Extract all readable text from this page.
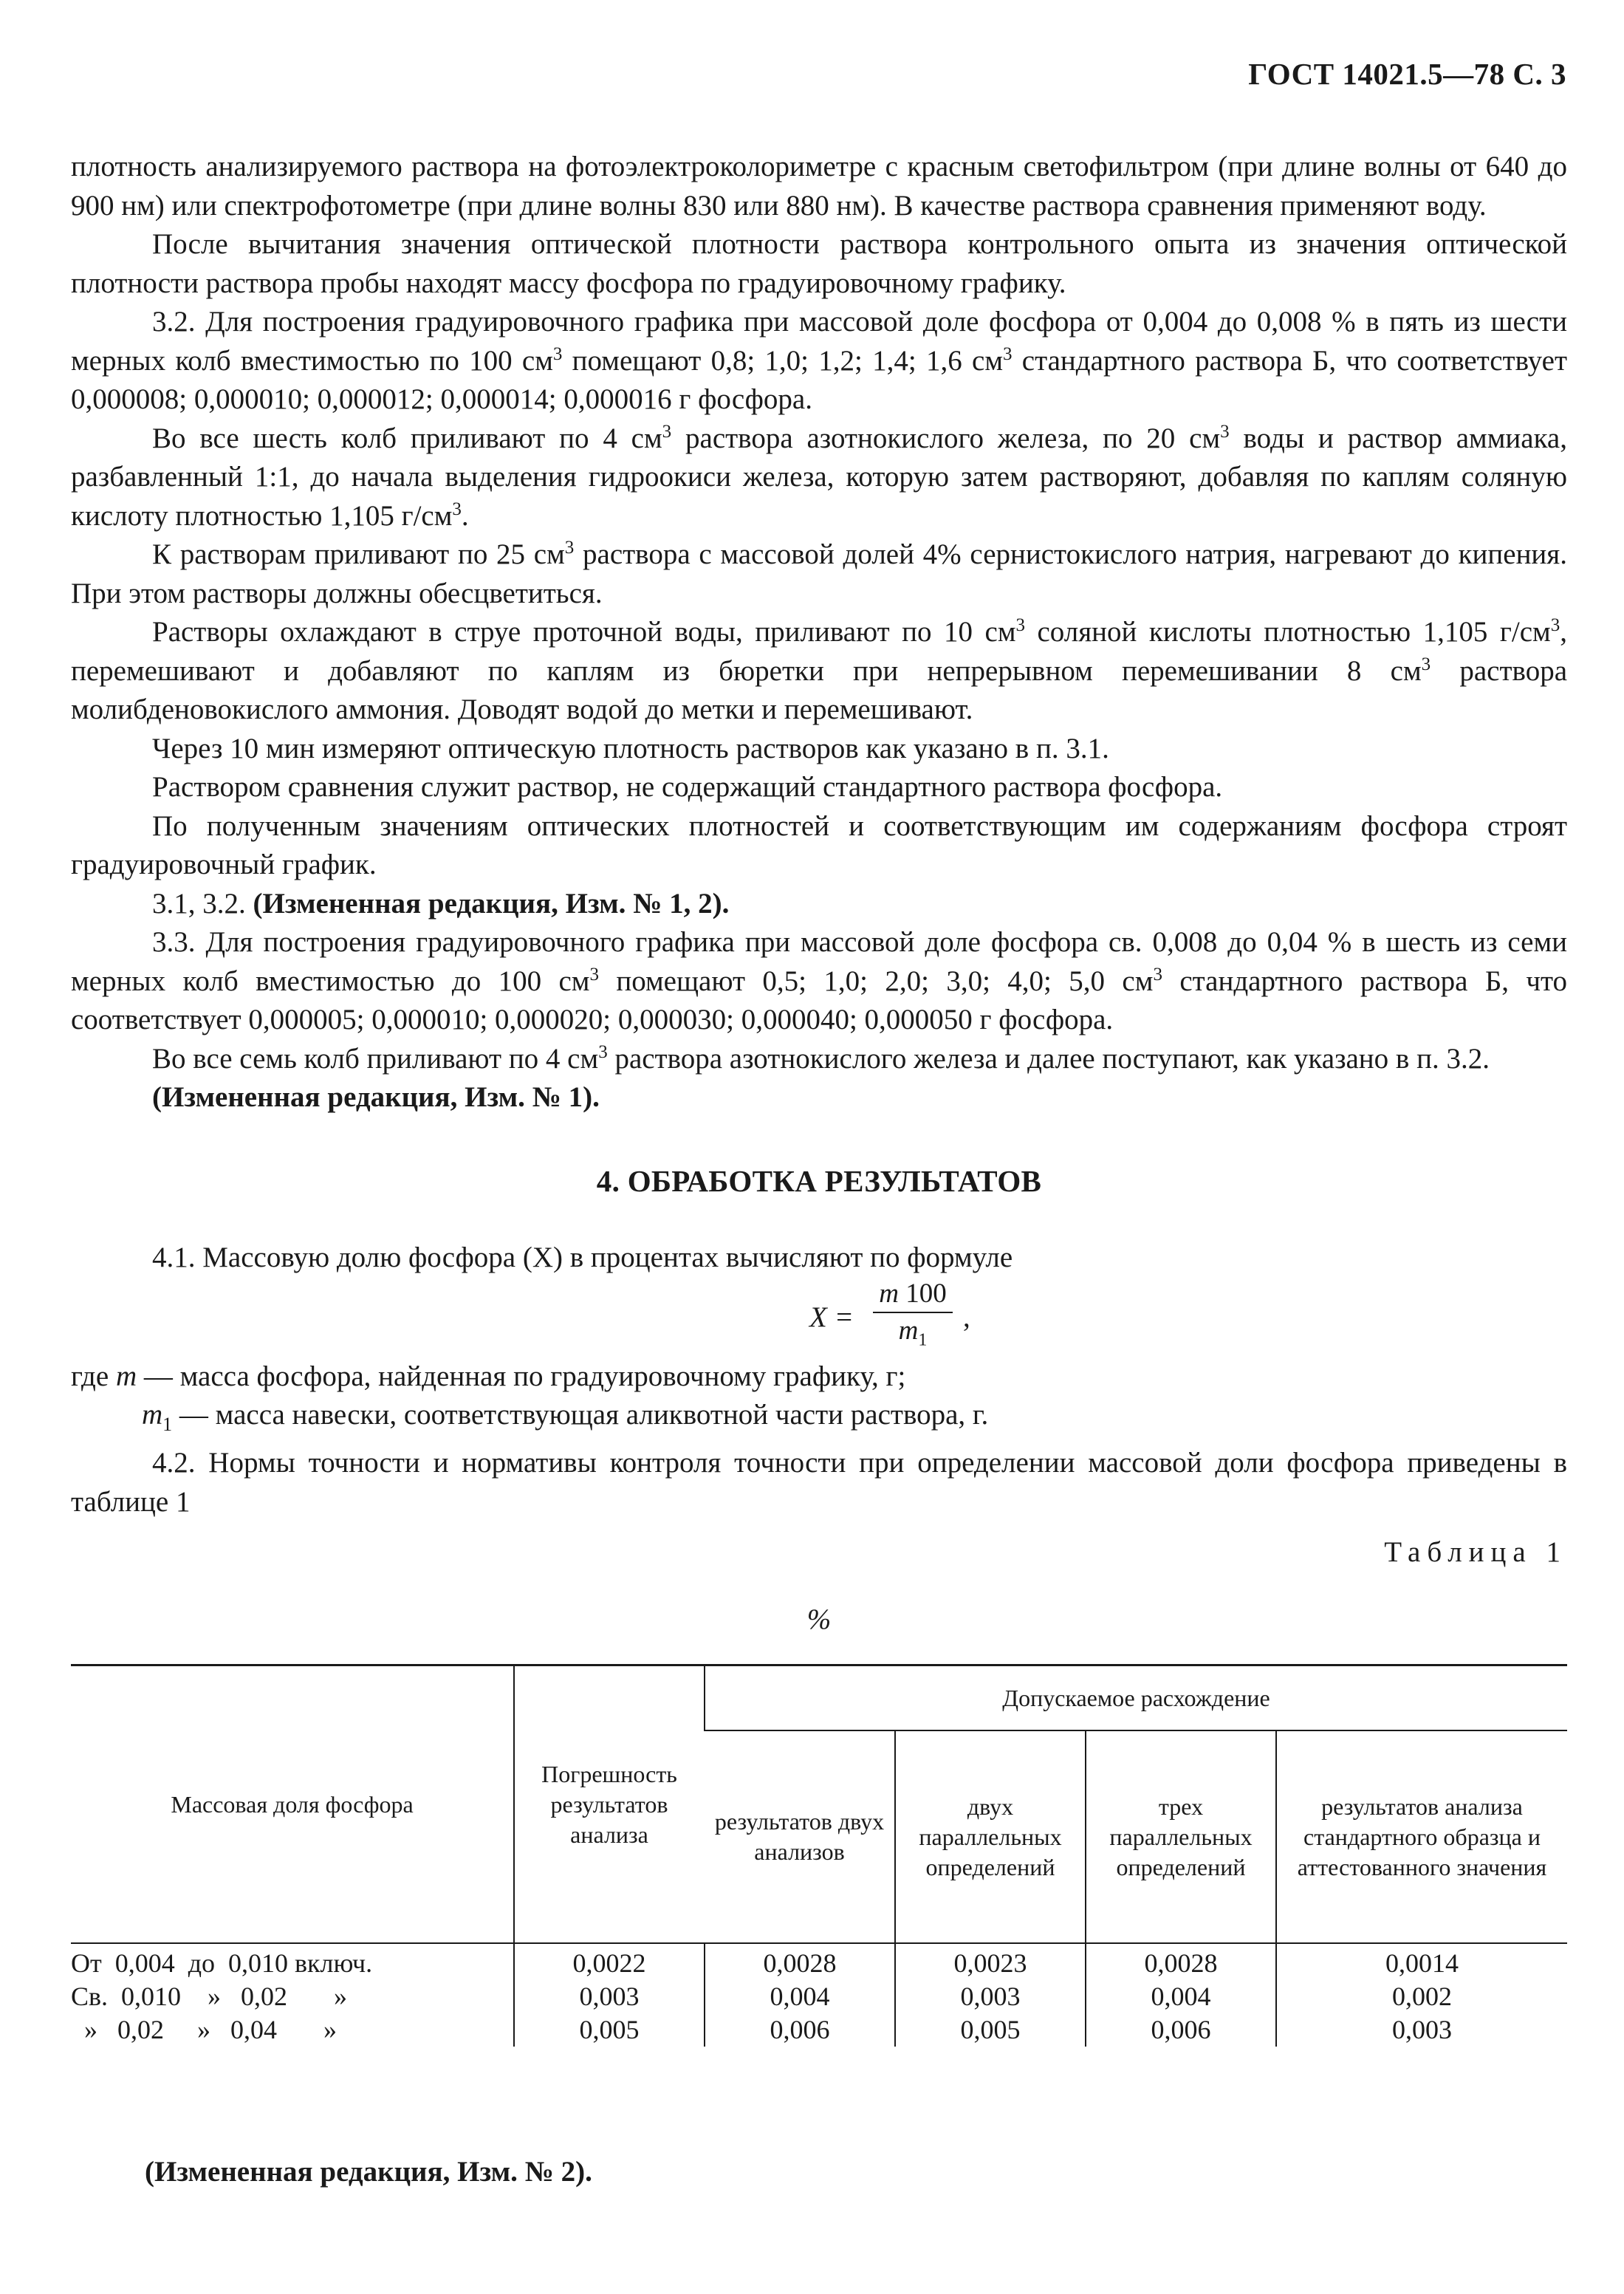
ГОСТ 14021.5—78 С. 3

плотность анализируемого раствора на фотоэлектроколориметре с красным светофильтром (при длине волны от 640 до 900 нм) или спектрофотометре (при длине волны 830 или 880 нм). В качестве раствора сравнения применяют воду.

После вычитания значения оптической плотности раствора контрольного опыта из значения оптической плотности раствора пробы находят массу фосфора по градуировочному графику.

3.2. Для построения градуировочного графика при массовой доле фосфора от 0,004 до 0,008 % в пять из шести мерных колб вместимостью по 100 $см^3$ помещают 0,8; 1,0; 1,2; 1,4; 1,6 $см^3$ стандартного раствора Б, что соответствует 0,000008; 0,000010; 0,000012; 0,000014; 0,000016 г фосфора.

Во все шесть колб приливают по 4 $см^3$ раствора азотнокислого железа, по 20 $см^3$ воды и раствор аммиака, разбавленный 1:1, до начала выделения гидроокиси железа, которую затем растворяют, добавляя по каплям соляную кислоту плотностью 1,105 $г/см^3$.

К растворам приливают по 25 $см^3$ раствора с массовой долей 4% сернистокислого натрия, нагревают до кипения. При этом растворы должны обесцветиться.

Растворы охлаждают в струе проточной воды, приливают по 10 $см^3$ соляной кислоты плотностью 1,105 $г/см^3$, перемешивают и добавляют по каплям из бюретки при непрерывном перемешивании 8 $см^3$ раствора молибденовокислого аммония. Доводят водой до метки и перемешивают.

Через 10 мин измеряют оптическую плотность растворов как указано в п. 3.1.

Раствором сравнения служит раствор, не содержащий стандартного раствора фосфора.

По полученным значениям оптических плотностей и соответствующим им содержаниям фосфора строят градуировочный график.

3.1, 3.2. (Измененная редакция, Изм. № 1, 2).

3.3. Для построения градуировочного графика при массовой доле фосфора св. 0,008 до 0,04 % в шесть из семи мерных колб вместимостью до 100 $см^3$ помещают 0,5; 1,0; 2,0; 3,0; 4,0; 5,0 $см^3$ стандартного раствора Б, что соответствует 0,000005; 0,000010; 0,000020; 0,000030; 0,000040; 0,000050 г фосфора.

Во все семь колб приливают по 4 $см^3$ раствора азотнокислого железа и далее поступают, как указано в п. 3.2.

(Измененная редакция, Изм. № 1).

4. ОБРАБОТКА РЕЗУЛЬТАТОВ

4.1. Массовую долю фосфора (Х) в процентах вычисляют по формуле

X =
m 100
$m_1$
,

где m — масса фосфора, найденная по градуировочному графику, г;

$m_1$ — масса навески, соответствующая аликвотной части раствора, г.

4.2. Нормы точности и нормативы контроля точности при определении массовой доли фосфора приведены в таблице 1

Таблица 1
%
Массовая доля фосфора	Погрешность результатов анализа	Допускаемое расхождение			
		результатов двух анализов	двух параллельных определений	трех параллельных определений	результатов анализа стандартного образца и аттестованного значения
От  0,004  до  0,010 включ.	0,0022	0,0028	0,0023	0,0028	0,0014
Св.  0,010    »   0,02       »	0,003	0,004	0,003	0,004	0,002
»   0,02     »   0,04       »	0,005	0,006	0,005	0,006	0,003
(Измененная редакция, Изм. № 2).
